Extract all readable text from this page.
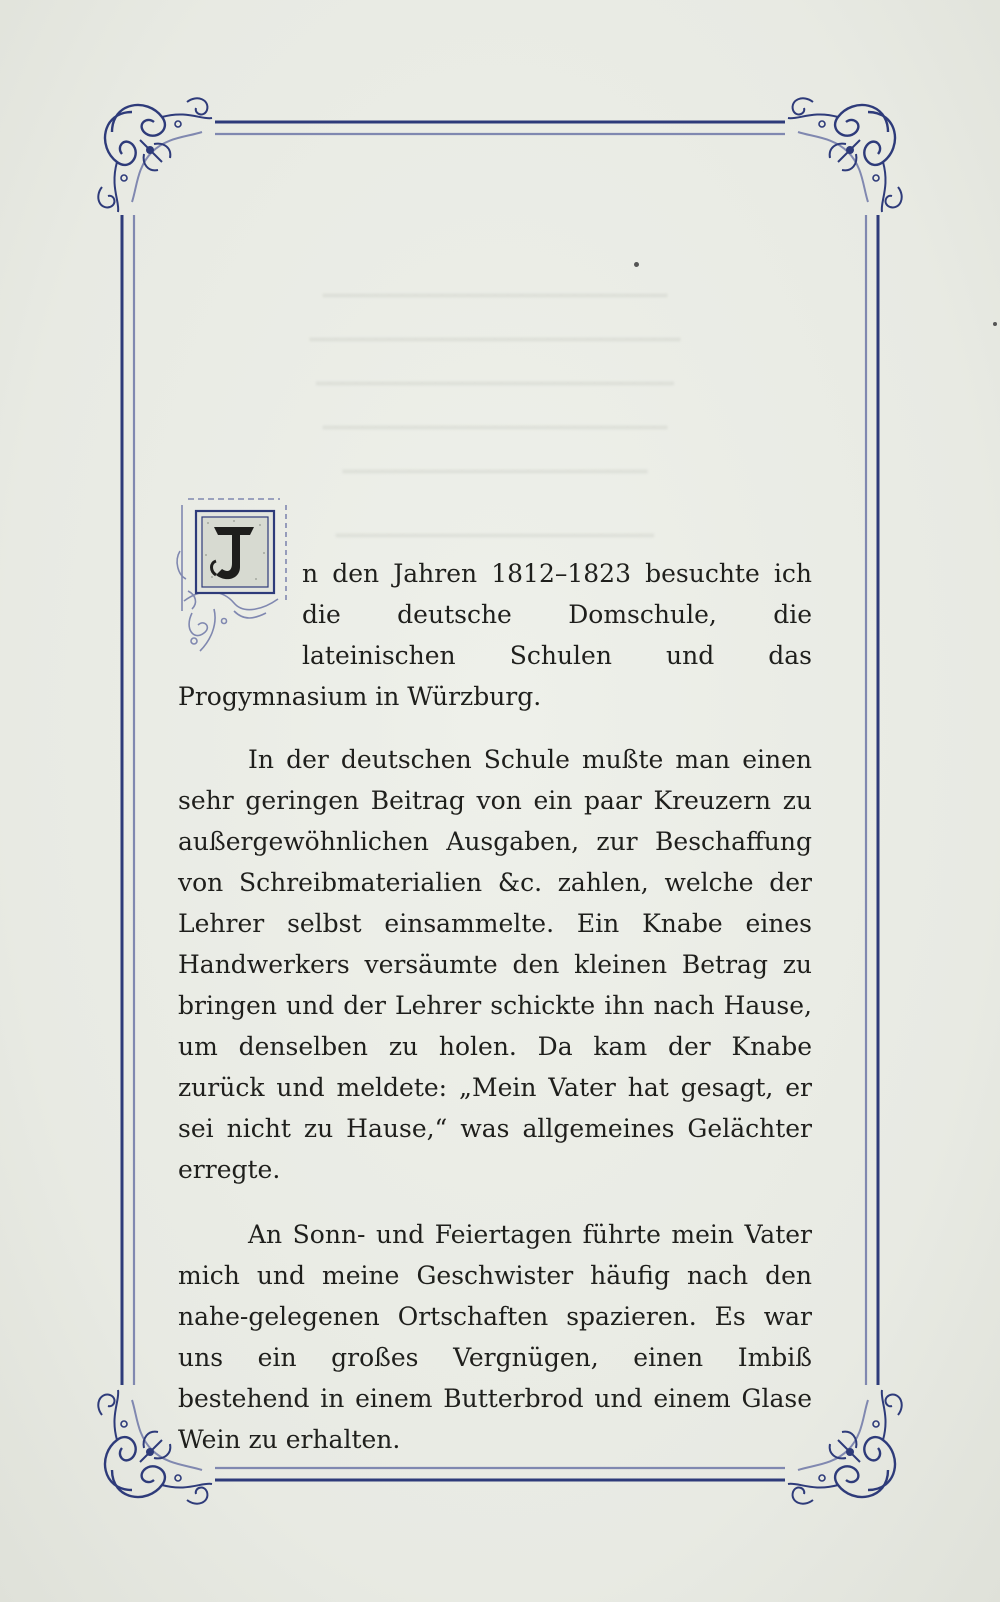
━━━━━━━━━━━━━━━━━━━━━━━━━━
━━━━━━━━━━━━━━━━━━━━━━━━━━━━
━━━━━━━━━━━━━━━━━━━━━━━━━━━
━━━━━━━━━━━━━━━━━━━━━━━━━━
━━━━━━━━━━━━━━━━━━━━━━━
━━━━━━━━━━━━━━━━━━━━━━━━

n den Jahren 1812–1823 besuchte ich die deutsche Domschule, die lateinischen Schulen und das Progymnasium in Würzburg.

In der deutschen Schule mußte man einen sehr geringen Beitrag von ein paar Kreuzern zu außergewöhnlichen Ausgaben, zur Beschaffung von Schreibmaterialien &c. zahlen, welche der Lehrer selbst einsammelte. Ein Knabe eines Handwerkers versäumte den kleinen Betrag zu bringen und der Lehrer schickte ihn nach Hause, um denselben zu holen. Da kam der Knabe zurück und meldete: „Mein Vater hat gesagt, er sei nicht zu Hause,“ was allgemeines Gelächter erregte.

An Sonn- und Feiertagen führte mein Vater mich und meine Geschwister häufig nach den nahe-gelegenen Ortschaften spazieren. Es war uns ein großes Vergnügen, einen Imbiß bestehend in einem Butterbrod und einem Glase Wein zu erhalten.
